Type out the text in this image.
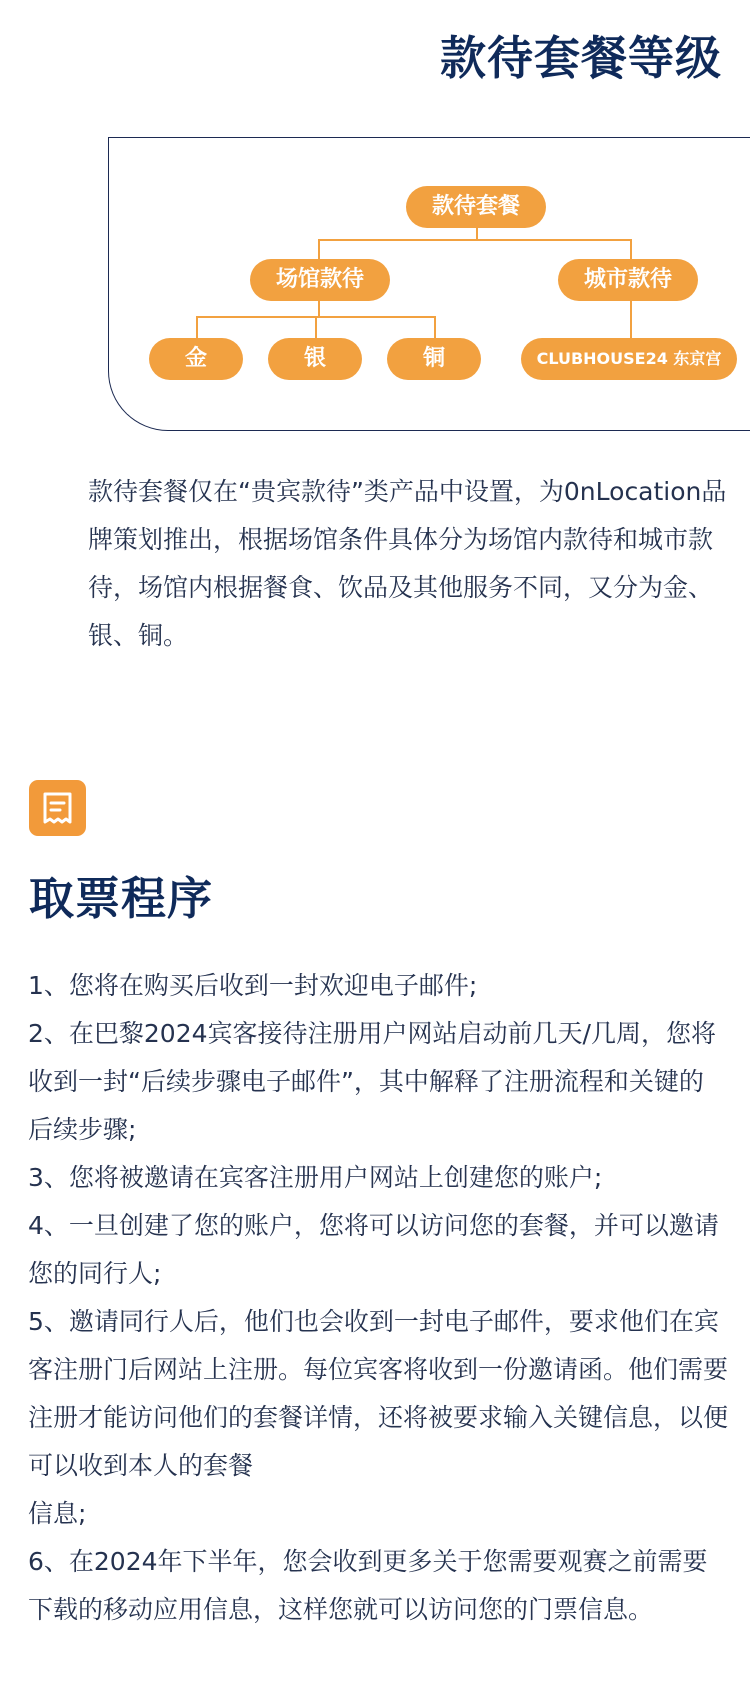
款待套餐等级
款待套餐
场馆款待	城市款待
金	银	铜	CLUBHOUSE24 东京宫
款待套餐仅在“贵宾款待”类产品中设置，为0nLocation品牌策划推出，根据场馆条件具体分为场馆内款待和城市款待，场馆内根据餐食、饮品及其他服务不同，又分为金、银、铜。
取票程序

1、您将在购买后收到一封欢迎电子邮件;

2、在巴黎2024宾客接待注册用户网站启动前几天/几周，您将收到一封“后续步骤电子邮件”，其中解释了注册流程和关键的后续步骤;

3、您将被邀请在宾客注册用户网站上创建您的账户;

4、一旦创建了您的账户，您将可以访问您的套餐，并可以邀请您的同行人;

5、邀请同行人后，他们也会收到一封电子邮件，要求他们在宾客注册门后网站上注册。每位宾客将收到一份邀请函。他们需要注册才能访问他们的套餐详情，还将被要求输入关键信息，以便可以收到本人的套餐

信息;

6、在2024年下半年，您会收到更多关于您需要观赛之前需要下载的移动应用信息，这样您就可以访问您的门票信息。
